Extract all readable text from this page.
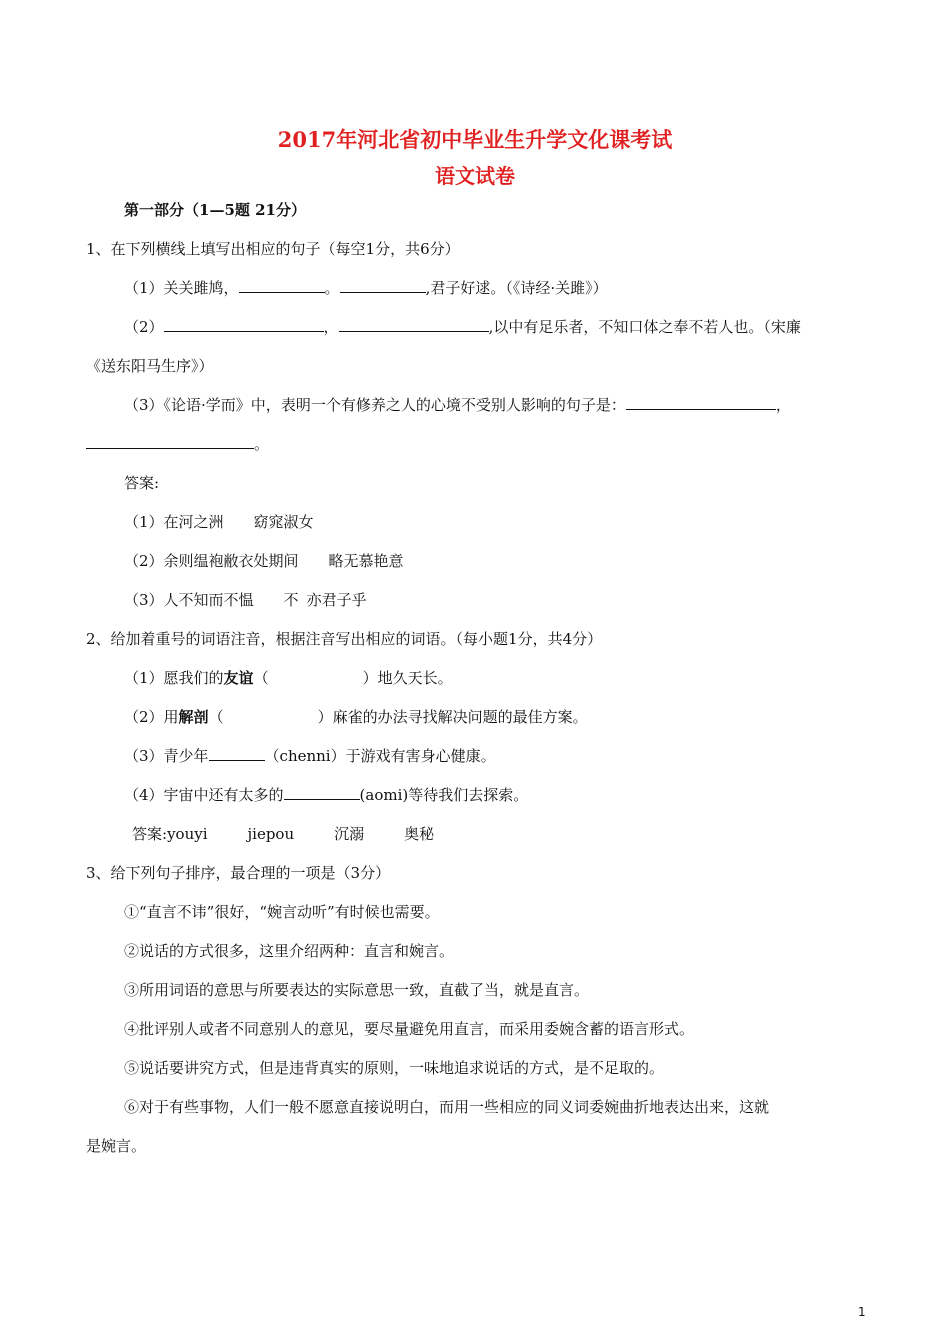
2017年河北省初中毕业生升学文化课考试
语文试卷
第一部分（1—5题 21分）
1、在下列横线上填写出相应的句子（每空1分，共6分）
（1）关关雎鸠，	。	,君子好逑。（《诗经·关雎》）
（2）	，	,以中有足乐者，不知口体之奉不若人也。（宋廉
《送东阳马生序》）
（3）《论语·学而》中，表明一个有修养之人的心境不受别人影响的句子是：	，
。
答案:
（1）在河之洲 窈窕淑女
（2）余则缊袍敝衣处期间 略无慕艳意
（3）人不知而不愠 不 亦君子乎
2、给加着重号的词语注音，根据注音写出相应的词语。（每小题1分，共4分）
（1）愿我们的友谊（	）地久天长。
（2）用解剖（	）麻雀的办法寻找解决问题的最佳方案。
（3）青少年	（chenni）于游戏有害身心健康。
（4）宇宙中还有太多的	(aomi)等待我们去探索。
答案:youyi	jiepou	沉溺	奥秘
3、给下列句子排序，最合理的一项是（3分）
①“直言不讳”很好，“婉言动听”有时候也需要。
②说话的方式很多，这里介绍两种：直言和婉言。
③所用词语的意思与所要表达的实际意思一致，直截了当，就是直言。
④批评别人或者不同意别人的意见，要尽量避免用直言，而采用委婉含蓄的语言形式。
⑤说话要讲究方式，但是违背真实的原则，一味地追求说话的方式，是不足取的。
⑥对于有些事物，人们一般不愿意直接说明白，而用一些相应的同义词委婉曲折地表达出来，这就
是婉言。
1
